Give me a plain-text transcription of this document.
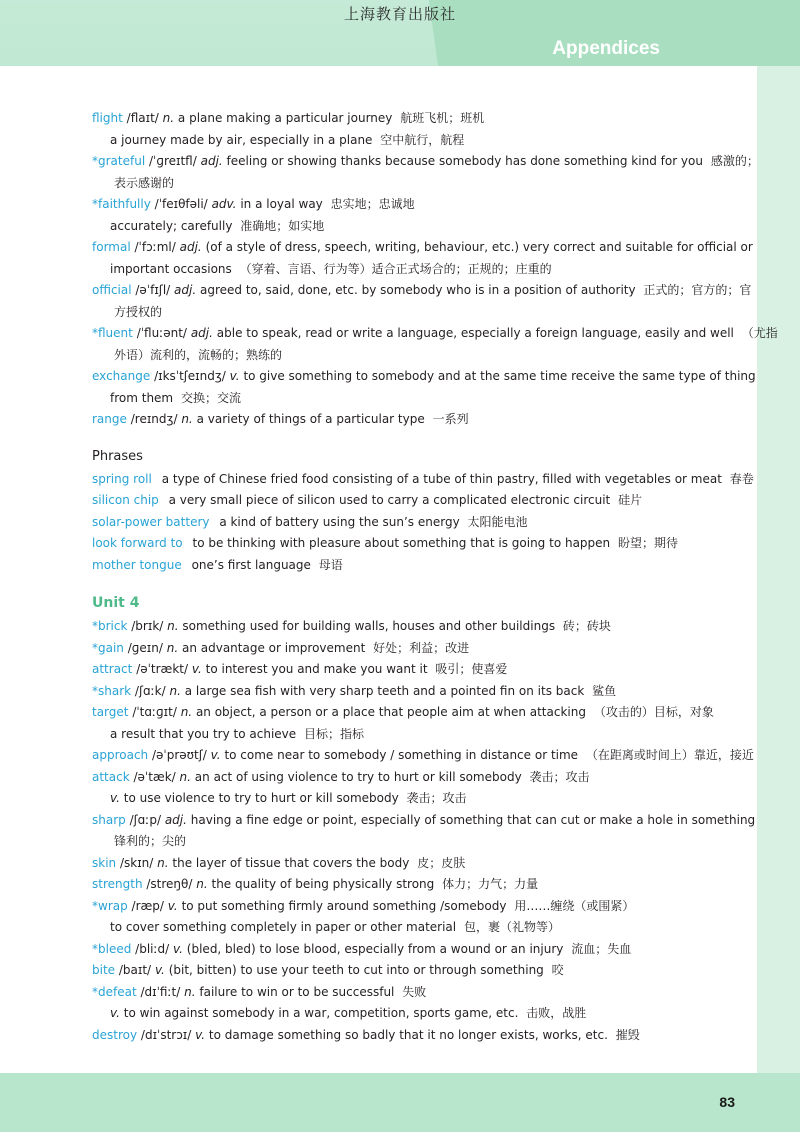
上海教育出版社
Appendices
flight /flaɪt/ n. a plane making a particular journey 航班飞机；班机
a journey made by air, especially in a plane 空中航行，航程
*grateful /ˈɡreɪtfl/ adj. feeling or showing thanks because somebody has done something kind for you 感激的；
表示感谢的
*faithfully /ˈfeɪθfəli/ adv. in a loyal way 忠实地；忠诚地
accurately; carefully 准确地；如实地
formal /ˈfɔːml/ adj. (of a style of dress, speech, writing, behaviour, etc.) very correct and suitable for official or
important occasions （穿着、言语、行为等）适合正式场合的；正规的；庄重的
official /əˈfɪʃl/ adj. agreed to, said, done, etc. by somebody who is in a position of authority 正式的；官方的；官
方授权的
*fluent /ˈfluːənt/ adj. able to speak, read or write a language, especially a foreign language, easily and well （尤指
外语）流利的，流畅的；熟练的
exchange /ɪksˈtʃeɪndʒ/ v. to give something to somebody and at the same time receive the same type of thing
from them 交换；交流
range /reɪndʒ/ n. a variety of things of a particular type 一系列
Phrases
spring roll a type of Chinese fried food consisting of a tube of thin pastry, filled with vegetables or meat 春卷
silicon chip a very small piece of silicon used to carry a complicated electronic circuit 硅片
solar-power battery a kind of battery using the sun’s energy 太阳能电池
look forward to to be thinking with pleasure about something that is going to happen 盼望；期待
mother tongue one’s first language 母语
Unit 4
*brick /brɪk/ n. something used for building walls, houses and other buildings 砖；砖块
*gain /ɡeɪn/ n. an advantage or improvement 好处；利益；改进
attract /əˈtrækt/ v. to interest you and make you want it 吸引；使喜爱
*shark /ʃɑːk/ n. a large sea fish with very sharp teeth and a pointed fin on its back 鲨鱼
target /ˈtɑːɡɪt/ n. an object, a person or a place that people aim at when attacking （攻击的）目标，对象
a result that you try to achieve 目标；指标
approach /əˈprəʊtʃ/ v. to come near to somebody / something in distance or time （在距离或时间上）靠近，接近
attack /əˈtæk/ n. an act of using violence to try to hurt or kill somebody 袭击；攻击
v. to use violence to try to hurt or kill somebody 袭击；攻击
sharp /ʃɑːp/ adj. having a fine edge or point, especially of something that can cut or make a hole in something
锋利的；尖的
skin /skɪn/ n. the layer of tissue that covers the body 皮；皮肤
strength /streŋθ/ n. the quality of being physically strong 体力；力气；力量
*wrap /ræp/ v. to put something firmly around something /somebody 用……缠绕（或围紧）
to cover something completely in paper or other material 包，裹（礼物等）
*bleed /bliːd/ v. (bled, bled) to lose blood, especially from a wound or an injury 流血；失血
bite /baɪt/ v. (bit, bitten) to use your teeth to cut into or through something 咬
*defeat /dɪˈfiːt/ n. failure to win or to be successful 失败
v. to win against somebody in a war, competition, sports game, etc. 击败，战胜
destroy /dɪˈstrɔɪ/ v. to damage something so badly that it no longer exists, works, etc. 摧毁
83
